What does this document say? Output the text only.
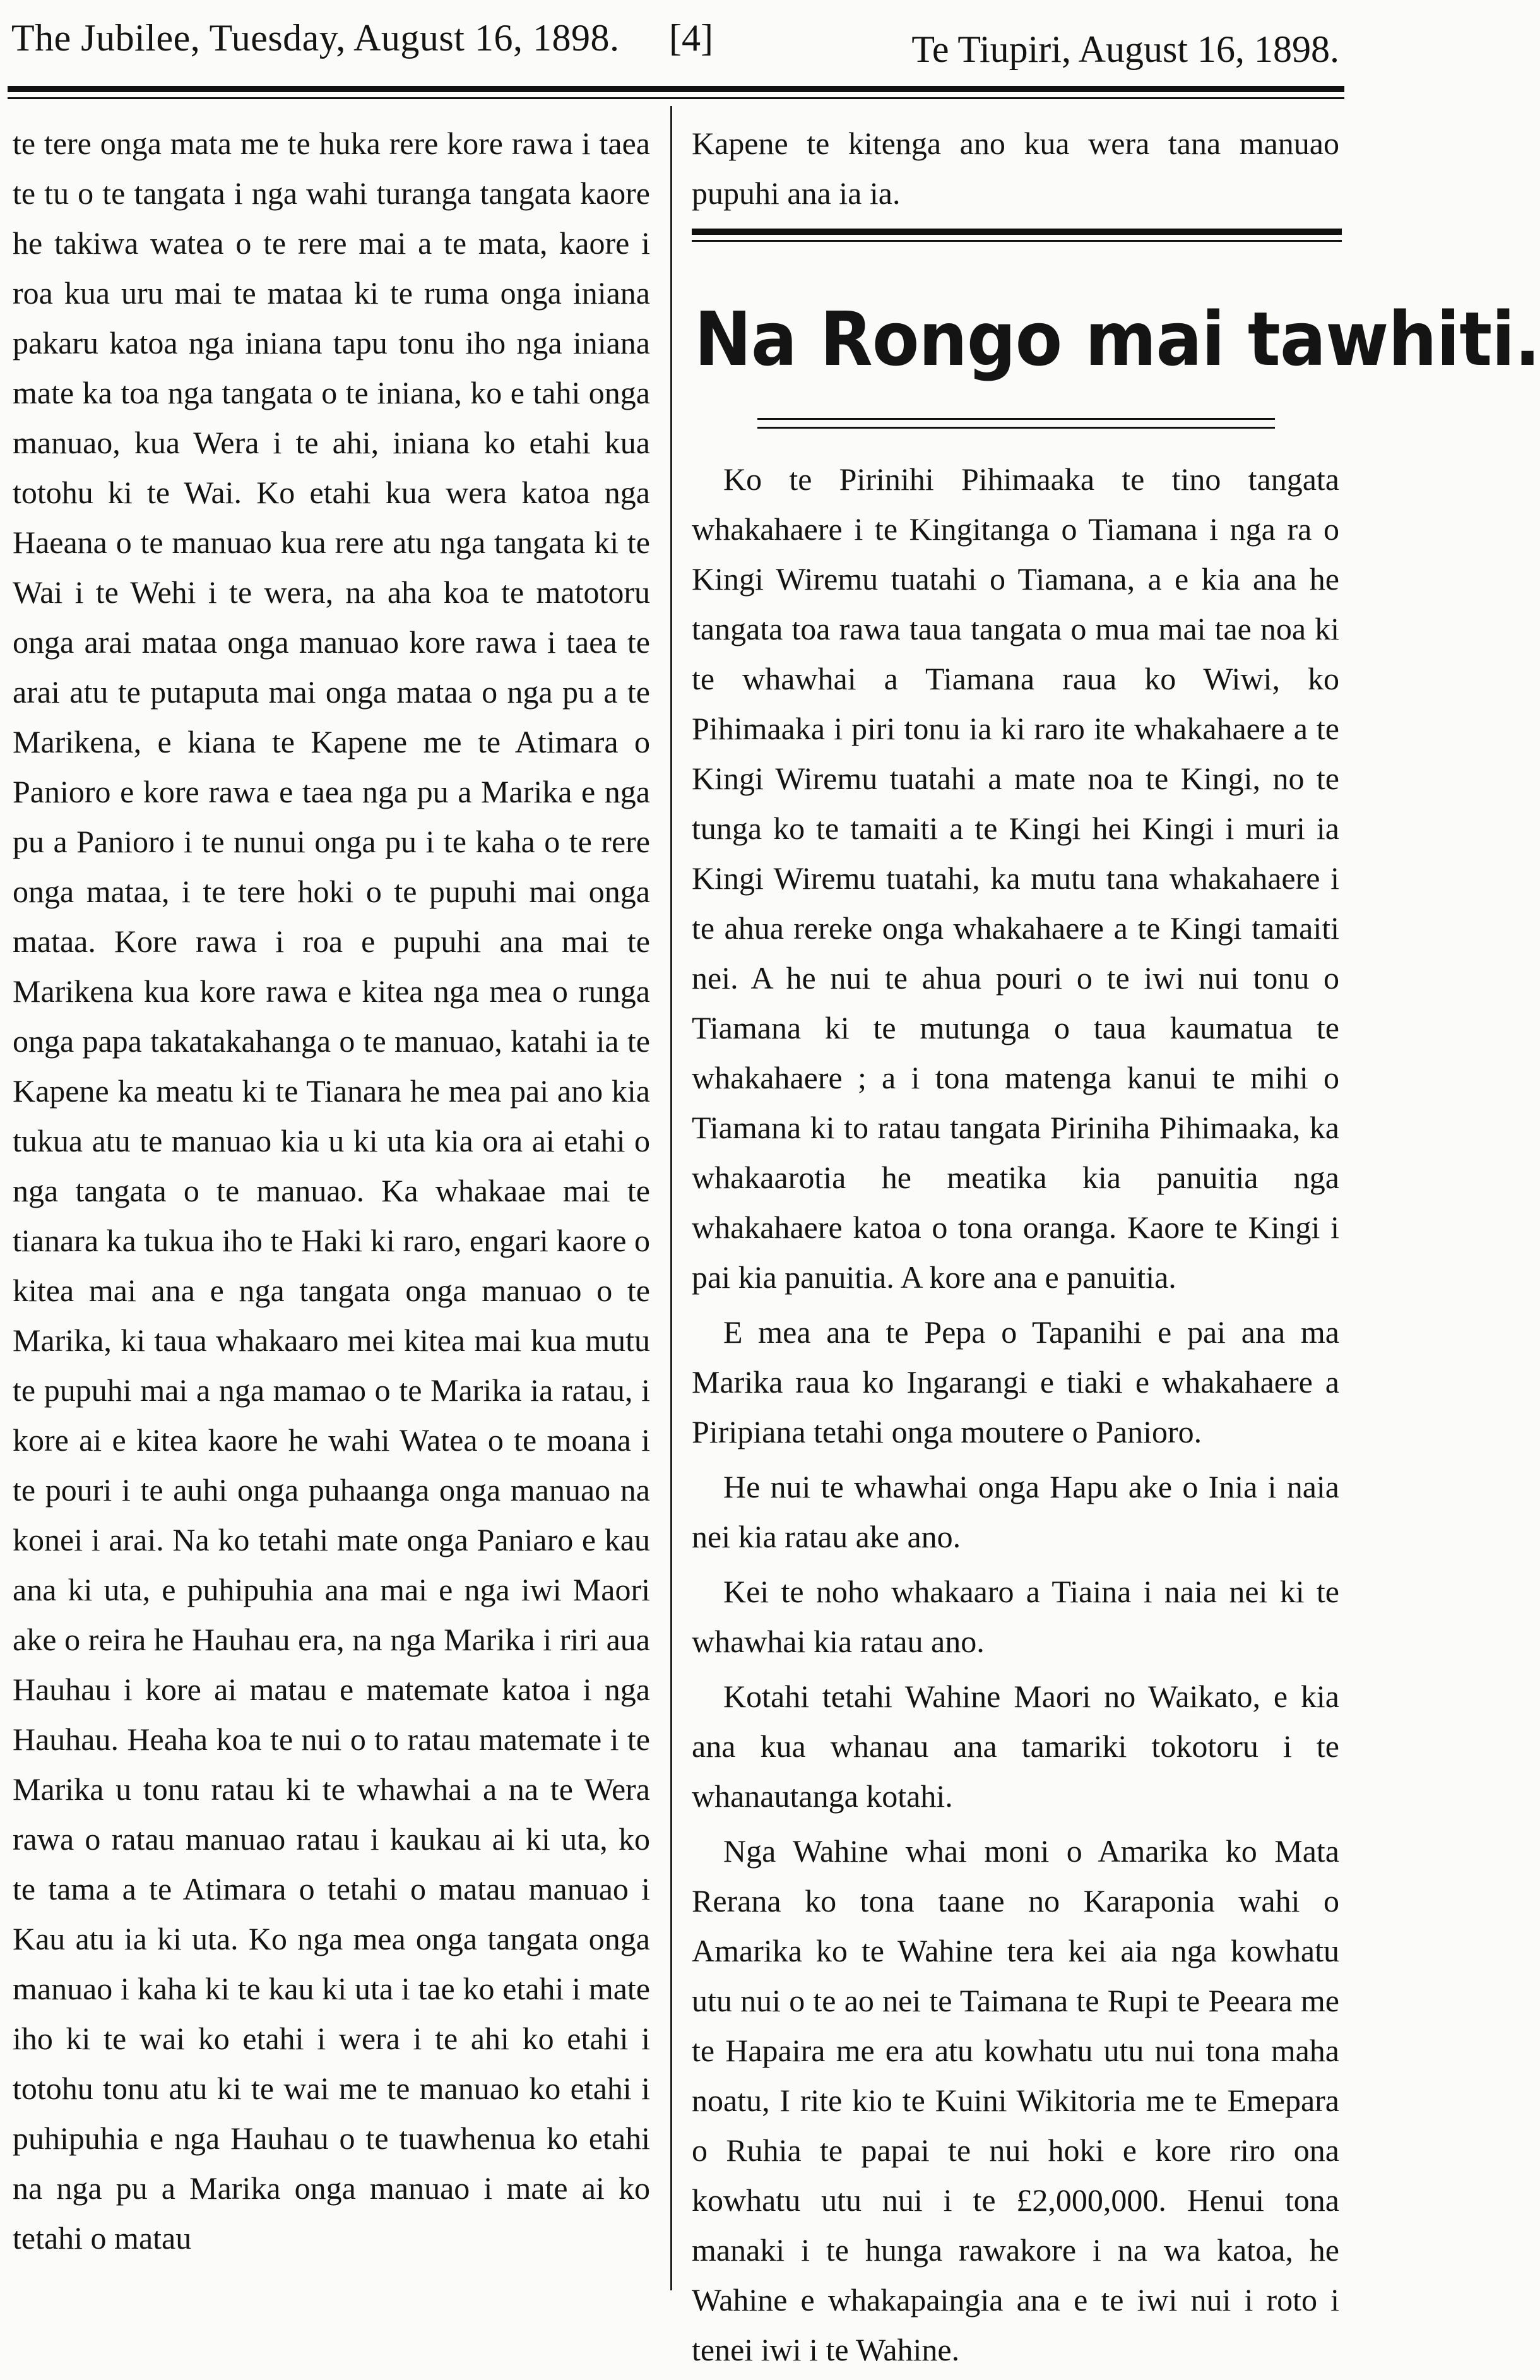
The Jubilee, Tuesday, August 16, 1898. [4]	Te Tiupiri, August 16, 1898.

te tere onga mata me te huka rere kore rawa i taea te tu o te tangata i nga wahi turanga tangata kaore he takiwa watea o te rere mai a te mata, kaore i roa kua uru mai te mataa ki te ruma onga iniana pakaru katoa nga iniana tapu tonu iho nga iniana mate ka toa nga tangata o te iniana, ko e tahi onga manuao, kua Wera i te ahi, iniana ko etahi kua totohu ki te Wai. Ko etahi kua wera katoa nga Haeana o te manuao kua rere atu nga tangata ki te Wai i te Wehi i te wera, na aha koa te matotoru onga arai mataa onga manuao kore rawa i taea te arai atu te putaputa mai onga mataa o nga pu a te Marikena, e kiana te Kapene me te Atimara o Panioro e kore rawa e taea nga pu a Marika e nga pu a Panioro i te nunui onga pu i te kaha o te rere onga mataa, i te tere hoki o te pupuhi mai onga mataa. Kore rawa i roa e pupuhi ana mai te Marikena kua kore rawa e kitea nga mea o runga onga papa takatakahanga o te manuao, katahi ia te Kapene ka meatu ki te Tianara he mea pai ano kia tukua atu te manuao kia u ki uta kia ora ai etahi o nga tangata o te manuao. Ka whakaae mai te tianara ka tukua iho te Haki ki raro, engari kaore o kitea mai ana e nga tangata onga manuao o te Marika, ki taua whakaaro mei kitea mai kua mutu te pupuhi mai a nga mamao o te Marika ia ratau, i kore ai e kitea kaore he wahi Watea o te moana i te pouri i te auhi onga puhaanga onga manuao na konei i arai. Na ko tetahi mate onga Paniaro e kau ana ki uta, e puhipuhia ana mai e nga iwi Maori ake o reira he Hauhau era, na nga Marika i riri aua Hauhau i kore ai matau e matemate katoa i nga Hauhau. Heaha koa te nui o to ratau matemate i te Marika u tonu ratau ki te whawhai a na te Wera rawa o ratau manuao ratau i kaukau ai ki uta, ko te tama a te Atimara o tetahi o matau manuao i Kau atu ia ki uta. Ko nga mea onga tangata onga manuao i kaha ki te kau ki uta i tae ko etahi i mate iho ki te wai ko etahi i wera i te ahi ko etahi i totohu tonu atu ki te wai me te manuao ko etahi i puhipuhia e nga Hauhau o te tuawhenua ko etahi na nga pu a Marika onga manuao i mate ai ko tetahi o matau

Kapene te kitenga ano kua wera tana manuao pupuhi ana ia ia.

Na Rongo mai tawhiti.

Ko te Pirinihi Pihimaaka te tino tangata whakahaere i te Kingitanga o Tiamana i nga ra o Kingi Wiremu tuatahi o Tiamana, a e kia ana he tangata toa rawa taua tangata o mua mai tae noa ki te whawhai a Tiamana raua ko Wiwi, ko Pihimaaka i piri tonu ia ki raro ite whakahaere a te Kingi Wiremu tuatahi a mate noa te Kingi, no te tunga ko te tamaiti a te Kingi hei Kingi i muri ia Kingi Wiremu tuatahi, ka mutu tana whakahaere i te ahua rereke onga whakahaere a te Kingi tamaiti nei. A he nui te ahua pouri o te iwi nui tonu o Tiamana ki te mutunga o taua kaumatua te whakahaere ; a i tona matenga kanui te mihi o Tiamana ki to ratau tangata Piriniha Pihimaaka, ka whakaarotia he meatika kia panuitia nga whakahaere katoa o tona oranga. Kaore te Kingi i pai kia panuitia. A kore ana e panuitia.

E mea ana te Pepa o Tapanihi e pai ana ma Marika raua ko Ingarangi e tiaki e whakahaere a Piripiana tetahi onga moutere o Panioro.

He nui te whawhai onga Hapu ake o Inia i naia nei kia ratau ake ano.

Kei te noho whakaaro a Tiaina i naia nei ki te whawhai kia ratau ano.

Kotahi tetahi Wahine Maori no Waikato, e kia ana kua whanau ana tamariki tokotoru i te whanautanga kotahi.

Nga Wahine whai moni o Amarika ko Mata Rerana ko tona taane no Karaponia wahi o Amarika ko te Wahine tera kei aia nga kowhatu utu nui o te ao nei te Taimana te Rupi te Peeara me te Hapaira me era atu kowhatu utu nui tona maha noatu, I rite kio te Kuini Wikitoria me te Emepara o Ruhia te papai te nui hoki e kore riro ona kowhatu utu nui i te £2,000,000. Henui tona manaki i te hunga rawakore i na wa katoa, he Wahine e whakapaingia ana e te iwi nui i roto i tenei iwi i te Wahine.
